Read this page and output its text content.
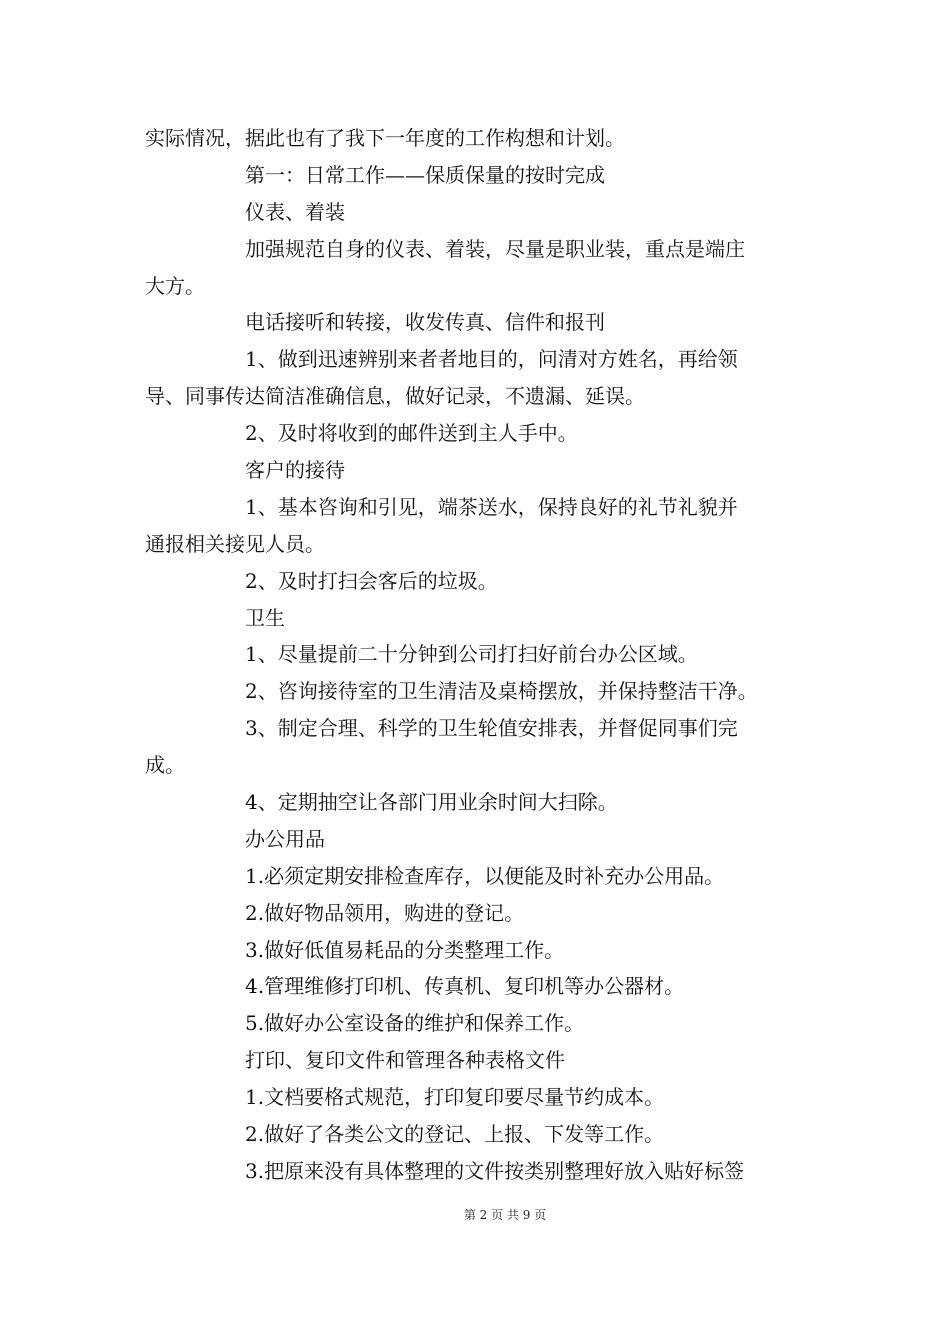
实际情况，据此也有了我下一年度的工作构想和计划。
第一：日常工作——保质保量的按时完成
仪表、着装
加强规范自身的仪表、着装，尽量是职业装，重点是端庄
大方。
电话接听和转接，收发传真、信件和报刊
1、做到迅速辨别来者者地目的，问清对方姓名，再给领
导、同事传达简洁准确信息，做好记录，不遗漏、延误。
2、及时将收到的邮件送到主人手中。
客户的接待
1、基本咨询和引见，端茶送水，保持良好的礼节礼貌并
通报相关接见人员。
2、及时打扫会客后的垃圾。
卫生
1、尽量提前二十分钟到公司打扫好前台办公区域。
2、咨询接待室的卫生清洁及桌椅摆放，并保持整洁干净。
3、制定合理、科学的卫生轮值安排表，并督促同事们完
成。
4、定期抽空让各部门用业余时间大扫除。
办公用品
1.必须定期安排检查库存，以便能及时补充办公用品。
2.做好物品领用，购进的登记。
3.做好低值易耗品的分类整理工作。
4.管理维修打印机、传真机、复印机等办公器材。
5.做好办公室设备的维护和保养工作。
打印、复印文件和管理各种表格文件
1.文档要格式规范，打印复印要尽量节约成本。
2.做好了各类公文的登记、上报、下发等工作。
3.把原来没有具体整理的文件按类别整理好放入贴好标签
第 2 页 共 9 页
